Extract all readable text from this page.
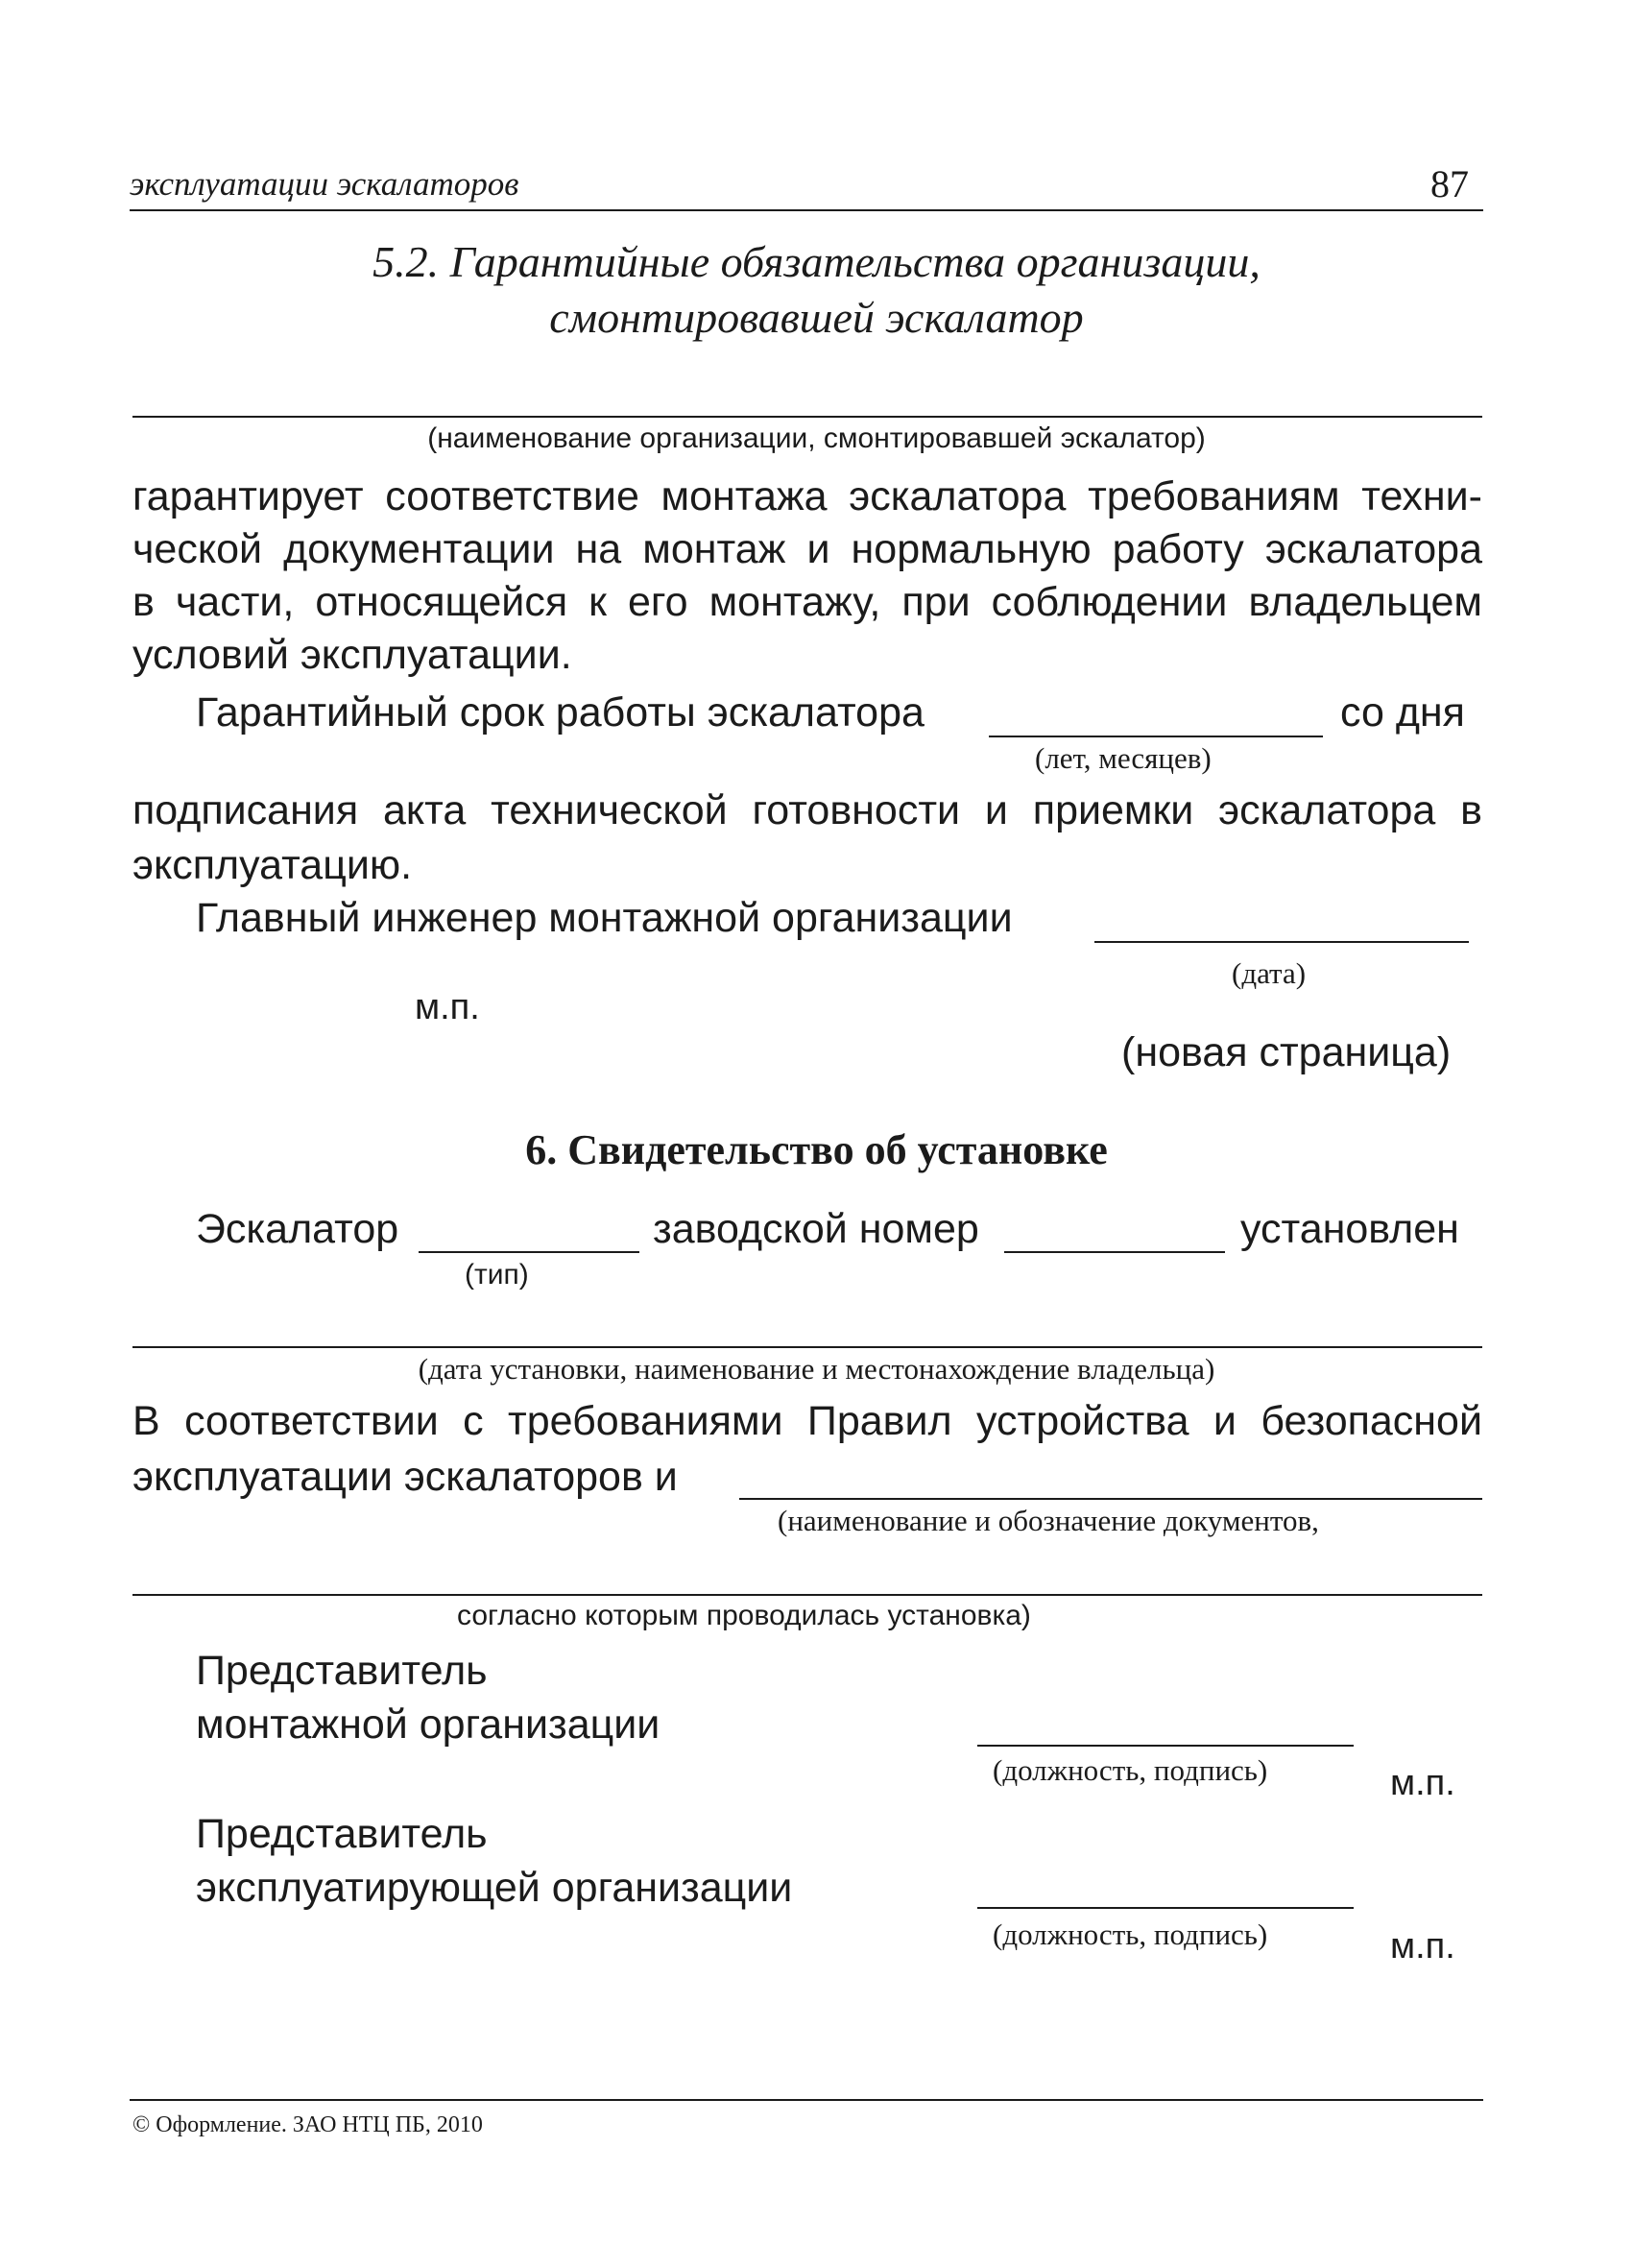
эксплуатации эскалаторов	87
5.2. Гарантийные обязательства организации,
смонтировавшей эскалатор
(наименование организации, смонтировавшей эскалатор)
гарантирует соответствие монтажа эскалатора требованиям техни-
ческой документации на монтаж и нормальную работу эскалатора
в части, относящейся к его монтажу, при соблюдении владельцем
условий эксплуатации.
Гарантийный срок работы эскалатора	со дня
(лет, месяцев)
подписания акта технической готовности и приемки эскалатора в
эксплуатацию.
Главный инженер монтажной организации
(дата)
м.п.
(новая страница)
6. Свидетельство об установке
Эскалатор	заводской номер	установлен
(тип)
(дата установки, наименование и местонахождение владельца)
В соответствии с требованиями Правил устройства и безопасной
эксплуатации эскалаторов и
(наименование и обозначение документов,
согласно которым проводилась установка)
Представитель
монтажной организации
(должность, подпись)	м.п.
Представитель
эксплуатирующей организации
(должность, подпись)	м.п.
© Оформление. ЗАО НТЦ ПБ, 2010
